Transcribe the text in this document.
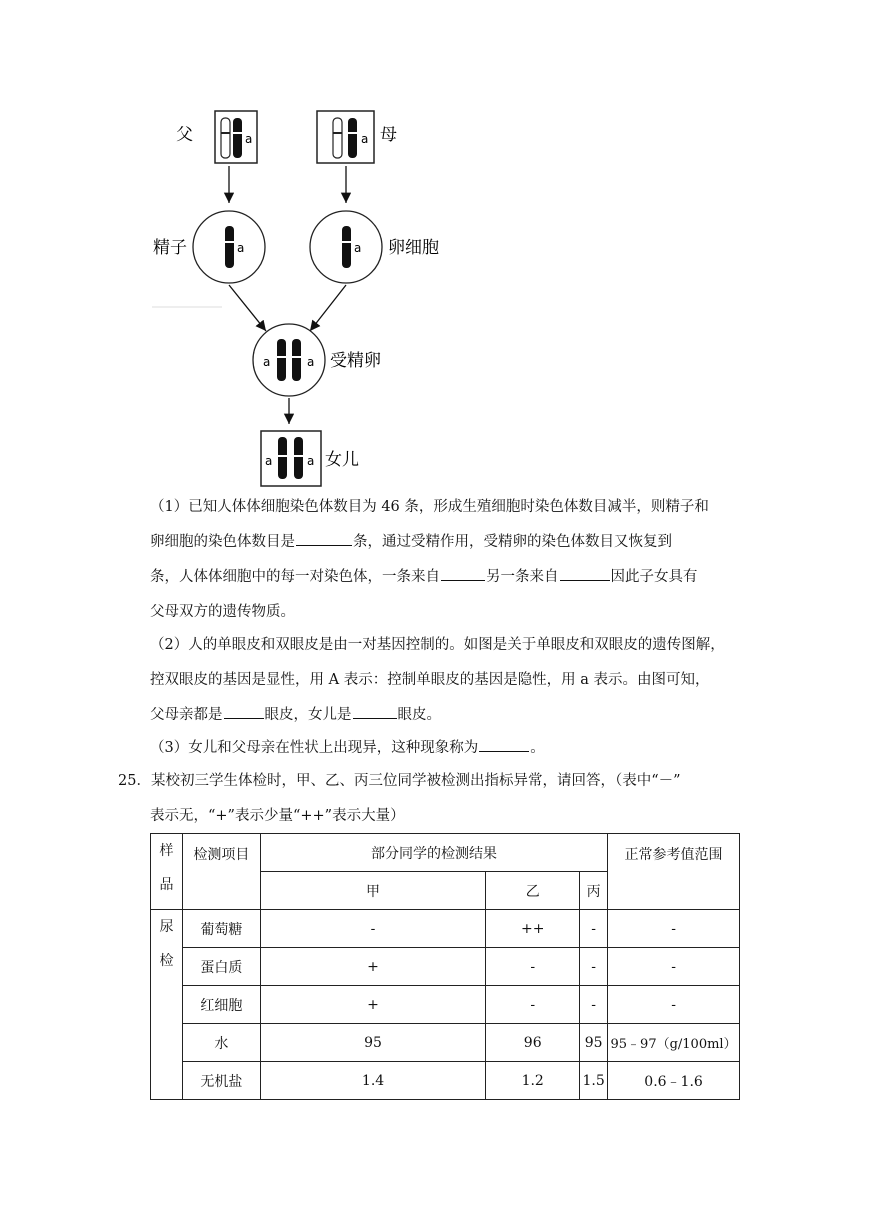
a
父	a 母
a
精子	a 卵细胞
a	a 受精卵
a	a 女儿
（1）已知人体体细胞染色体数目为 46 条，形成生殖细胞时染色体数目减半，则精子和
卵细胞的染色体数目是	条，通过受精作用，受精卵的染色体数目又恢复到
条，人体体细胞中的每一对染色体，一条来自	另一条来自	因此子女具有
父母双方的遗传物质。
（2）人的单眼皮和双眼皮是由一对基因控制的。如图是关于单眼皮和双眼皮的遗传图解，
控双眼皮的基因是显性，用 A 表示：控制单眼皮的基因是隐性，用 a 表示。由图可知，
父母亲都是	眼皮，女儿是	眼皮。
（3）女儿和父母亲在性状上出现异，这种现象称为	。
25．某校初三学生体检时，甲、乙、丙三位同学被检测出指标异常，请回答，（表中“－”
表示无，“+”表示少量“++”表示大量）
样
品	检测项目	部分同学的检测结果			正常参考值范围
		甲	乙	丙	

尿
检	葡萄糖	-	++	-	-
	蛋白质	+	-	-	-
	红细胞	+	-	-	-
	水	95	96	95	95﹣97（g/100ml）
	无机盐	1.4	1.2	1.5	0.6﹣1.6
